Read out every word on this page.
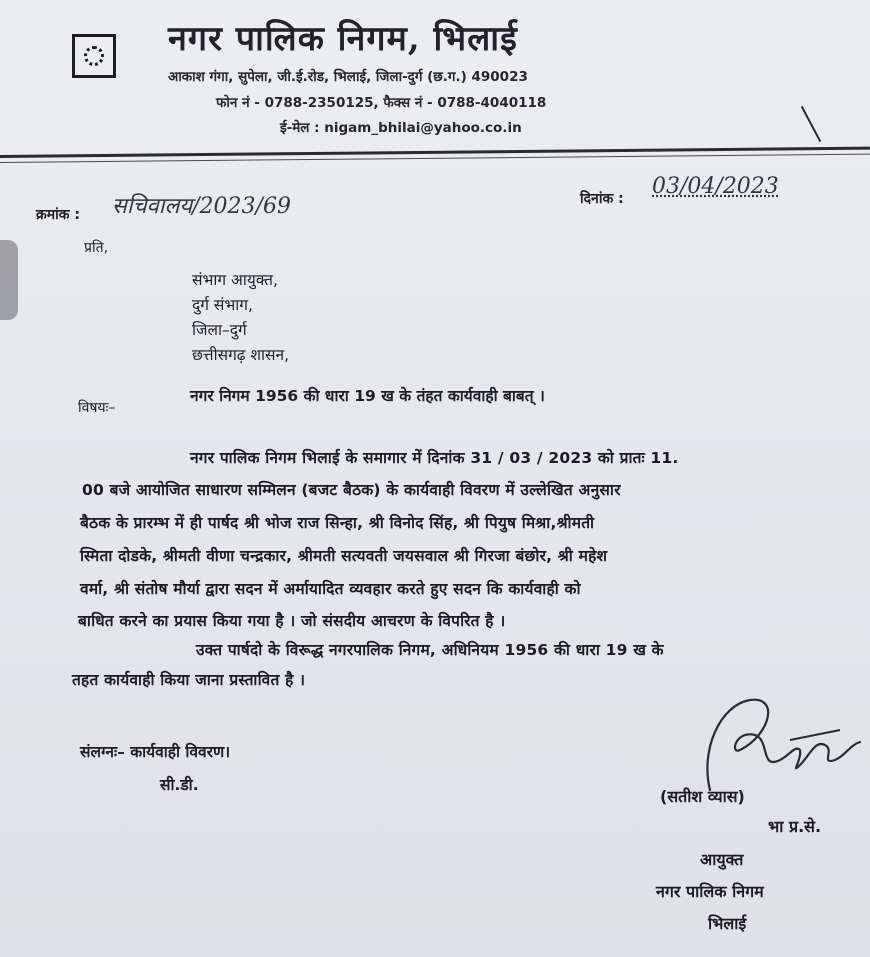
नगर पालिक निगम, भिलाई
आकाश गंगा, सुपेला, जी.ई.रोड, भिलाई, जिला-दुर्ग (छ.ग.) 490023
फोन नं - 0788-2350125, फैक्स नं - 0788-4040118
ई-मेल : nigam_bhilai@yahoo.co.in
क्रमांक : सचिवालय/2023/69	दिनांक : 03/04/2023
प्रति,
संभाग आयुक्त,
दुर्ग संभाग,
जिला–दुर्ग
छत्तीसगढ़ शासन,
विषयः–
नगर निगम 1956 की धारा 19 ख के तंहत कार्यवाही बाबत् ।
नगर पालिक निगम भिलाई के समागार में दिनांक 31 / 03 / 2023 को प्रातः 11.
00 बजे आयोजित साधारण सम्मिलन (बजट बैठक) के कार्यवाही विवरण में उल्लेखित अनुसार
बैठक के प्रारम्भ में ही पार्षद श्री भोज राज सिन्हा, श्री विनोद सिंह, श्री पियुष मिश्रा,श्रीमती
स्मिता दोडके, श्रीमती वीणा चन्द्रकार, श्रीमती सत्यवती जयसवाल श्री गिरजा बंछोर, श्री महेश
वर्मा, श्री संतोष मौर्या द्वारा सदन में अर्मायादित व्यवहार करते हुए सदन कि कार्यवाही को
बाधित करने का प्रयास किया गया है । जो संसदीय आचरण के विपरित है ।
उक्त पार्षदो के विरूद्ध नगरपालिक निगम, अधिनियम 1956 की धारा 19 ख के
तहत कार्यवाही किया जाना प्रस्तावित है ।
संलग्नः– कार्यवाही विवरण।
सी.डी.
(सतीश व्यास)
भा प्र.से.
आयुक्त
नगर पालिक निगम
भिलाई
